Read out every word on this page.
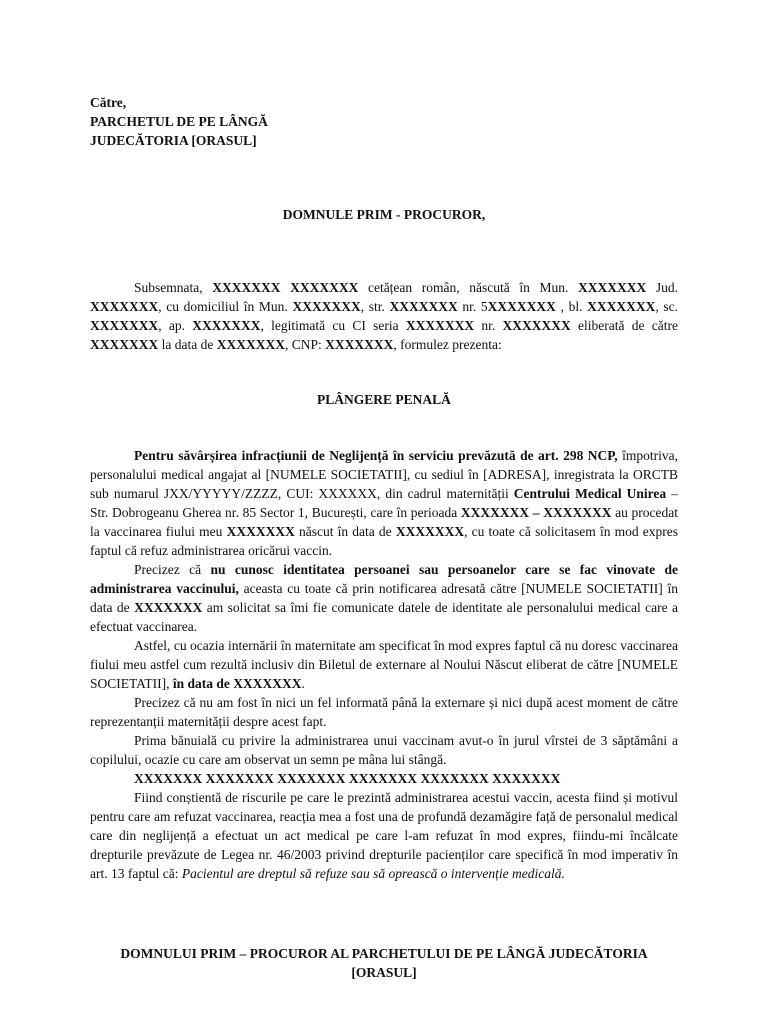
Către,
PARCHETUL DE PE LÂNGĂ
JUDECĂTORIA [ORASUL]
DOMNULE PRIM - PROCUROR,

Subsemnata, XXXXXXX XXXXXXX cetățean român, născută în Mun. XXXXXXX Jud. XXXXXXX, cu domiciliul în Mun. XXXXXXX, str. XXXXXXX nr. 5XXXXXXX , bl. XXXXXXX, sc. XXXXXXX, ap. XXXXXXX, legitimată cu CI seria XXXXXXX nr. XXXXXXX eliberată de către XXXXXXX la data de XXXXXXX, CNP: XXXXXXX, formulez prezenta:

PLÂNGERE PENALĂ

Pentru săvârșirea infracțiunii de Neglijență în serviciu prevăzută de art. 298 NCP, împotriva, personalului medical angajat al [NUMELE SOCIETATII], cu sediul în [ADRESA], inregistrata la ORCTB sub numarul JXX/YYYYY/ZZZZ, CUI: XXXXXX, din cadrul maternității Centrului Medical Unirea – Str. Dobrogeanu Gherea nr. 85 Sector 1, București, care în perioada XXXXXXX – XXXXXXX au procedat la vaccinarea fiului meu XXXXXXX născut în data de XXXXXXX, cu toate că solicitasem în mod expres faptul că refuz administrarea oricărui vaccin.

Precizez că nu cunosc identitatea persoanei sau persoanelor care se fac vinovate de administrarea vaccinului, aceasta cu toate că prin notificarea adresată către [NUMELE SOCIETATII] în data de XXXXXXX am solicitat sa îmi fie comunicate datele de identitate ale personalului medical care a efectuat vaccinarea.

Astfel, cu ocazia internării în maternitate am specificat în mod expres faptul că nu doresc vaccinarea fiului meu astfel cum rezultă inclusiv din Biletul de externare al Noului Născut eliberat de către [NUMELE SOCIETATII], în data de XXXXXXX.

Precizez că nu am fost în nici un fel informată până la externare și nici după acest moment de către reprezentanții maternității despre acest fapt.

Prima bănuială cu privire la administrarea unui vaccinam avut-o în jurul vîrstei de 3 săptămâni a copilului, ocazie cu care am observat un semn pe mâna lui stângă.

XXXXXXX XXXXXXX XXXXXXX XXXXXXX XXXXXXX XXXXXXX

Fiind conștientă de riscurile pe care le prezintă administrarea acestui vaccin, acesta fiind și motivul pentru care am refuzat vaccinarea, reacția mea a fost una de profundă dezamăgire față de personalul medical care din neglijență a efectuat un act medical pe care l-am refuzat în mod expres, fiindu-mi încălcate drepturile prevăzute de Legea nr. 46/2003 privind drepturile pacienților care specifică în mod imperativ în art. 13 faptul că: Pacientul are dreptul să refuze sau să oprească o intervenție medicală.

DOMNULUI PRIM – PROCUROR AL PARCHETULUI DE PE LÂNGĂ JUDECĂTORIA
[ORASUL]
